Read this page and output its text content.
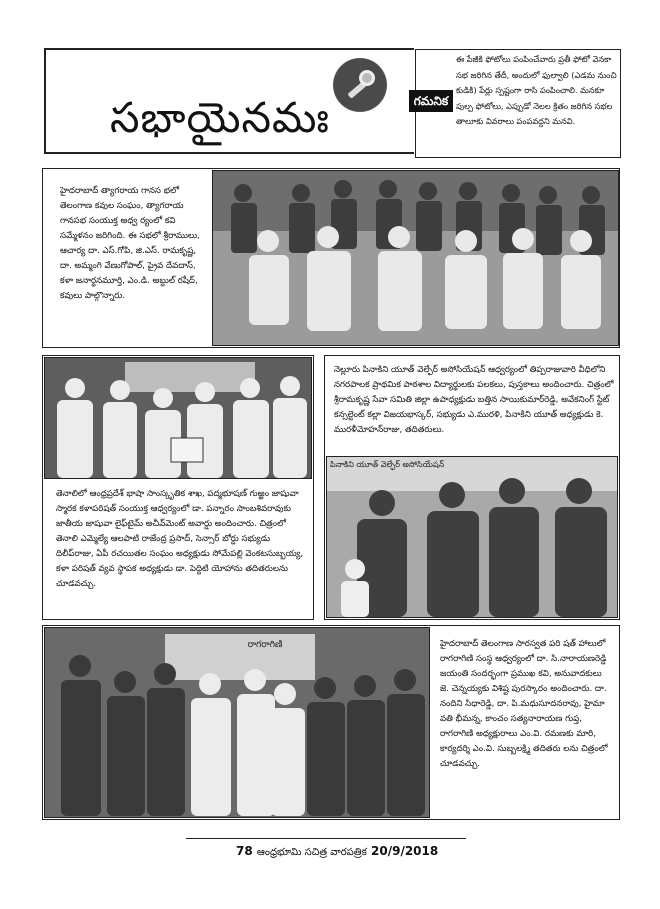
సభాయైనమః	గమనిక
ఈ పేజీకి ఫోటోలు పంపించేవారు ప్రతీ ఫోటో వెనకా సభ జరిగిన తేదీ, అందులో ఫుల్వాలి (ఎడమ నుంచి కుడికి) పేర్లు స్పష్టంగా రాసి పంపించాలి. మనకూ పుల్ప ఫోటోలు, ఎప్పుడో నెలల క్రితం జరిగిన సభల తాలూకు వివరాలు పంపవద్దని మనవి.
హైదరాబాద్ త్యాగరాయ గానస భలో తెలంగాణ కవుల సంఘం, త్యాగరాయ గానసభ సంయుక్త అధ్వ ర్యంలో కవి సమ్మేళనం జరిగింది. ఈ సభలో శ్రీరాములు, ఆచార్య దా. ఎస్.గోపి, జి.ఎస్. రామకృష్ణ, దా. అమ్మంగి వేణుగోపాల్, ప్రైవ దేవదాస్, కళా జనార్ధనమూర్తి, ఎం.డి. అబ్దుల్ రషీద్, కవులు పాల్గొన్నారు.
తెనాలిలో ఆంధ్రప్రదేశ్ భాషా సాంస్కృతిక శాఖ, పద్మభూషణ్ గుఱ్ఱం జాషువా స్మారక కళాపరిషత్ సంయుక్త ఆధ్వర్యంలో డా. పన్నారం సాంబశివరావుకు జాతీయ జాషువా లైఫ్‌టైమ్ అచీవ్‌మెంట్ అవార్డు అందించారు. చిత్రంలో తెనాలి ఎమ్మెల్యే ఆలపాటి రాజేంద్ర ప్రసాద్, సెన్సార్ బోర్డు సభ్యుడు దిలీప్‌రాజు, ఏపీ రచయితల సంఘం అధ్యక్షుడు సోమేపల్లి వెంకటసుబ్బయ్య, కళా పరిషత్ వ్యవ స్థాపక అధ్యక్షుడు డా. పెద్దిటి యోహాను తదితరులను చూడవచ్చు.
నెల్లూరు పినాకిని యూత్ వెల్ఫేర్ అసోసియేషన్ ఆధ్వర్యంలో తిప్పరాజువారి వీధిలోని నగరపాలక ప్రాథమిక పాఠశాల విద్యార్థులకు పలకలు, పుస్తకాలు అందించారు. చిత్రంలో శ్రీరామకృష్ణ సేవా సమితి జిల్లా ఉపాధ్యక్షుడు బత్తిన సాయికుమార్‌రెడ్డి, అవేకనింగ్ స్టేట్ కన్సల్టెంట్ కల్లా విజయభాస్కర్, సభ్యుడు ఎ.మురళి, పినాకిని యూత్ అధ్యక్షుడు కె. మురళీమోహన్‌రాజు, తదితరులు.
రాగరాగిణి	హైదరాబాద్ తెలంగాణ సారస్వత పరి షత్ హాలులో రాగరాగిణి సంస్థ ఆధ్వర్యంలో దా. సి.నారాయణరెడ్డి జయంతి సందర్భంగా ప్రముఖ కవి, అనువాదకులు జె. చెన్నయ్యకు విశిష్ట పురస్కారం అందించారు. దా. నందిని సిధారెడ్డి, దా. పి.మధుసూదనరావు, హైమా వతి భీమన్న, కాంచం సత్యనారాయణ గుప్త, రాగరాగిణి అధ్యక్షురాలు ఎం.వి. రమణకు మారి, కార్యదర్శి ఎం.వి. సుబ్బలక్ష్మి తదితరు లను చిత్రంలో చూడవచ్చు.
పినాకిని యూత్ వెల్ఫేర్ అసోసియేషన్
78 ఆంధ్రభూమి సచిత్ర వారపత్రిక 20/9/2018
